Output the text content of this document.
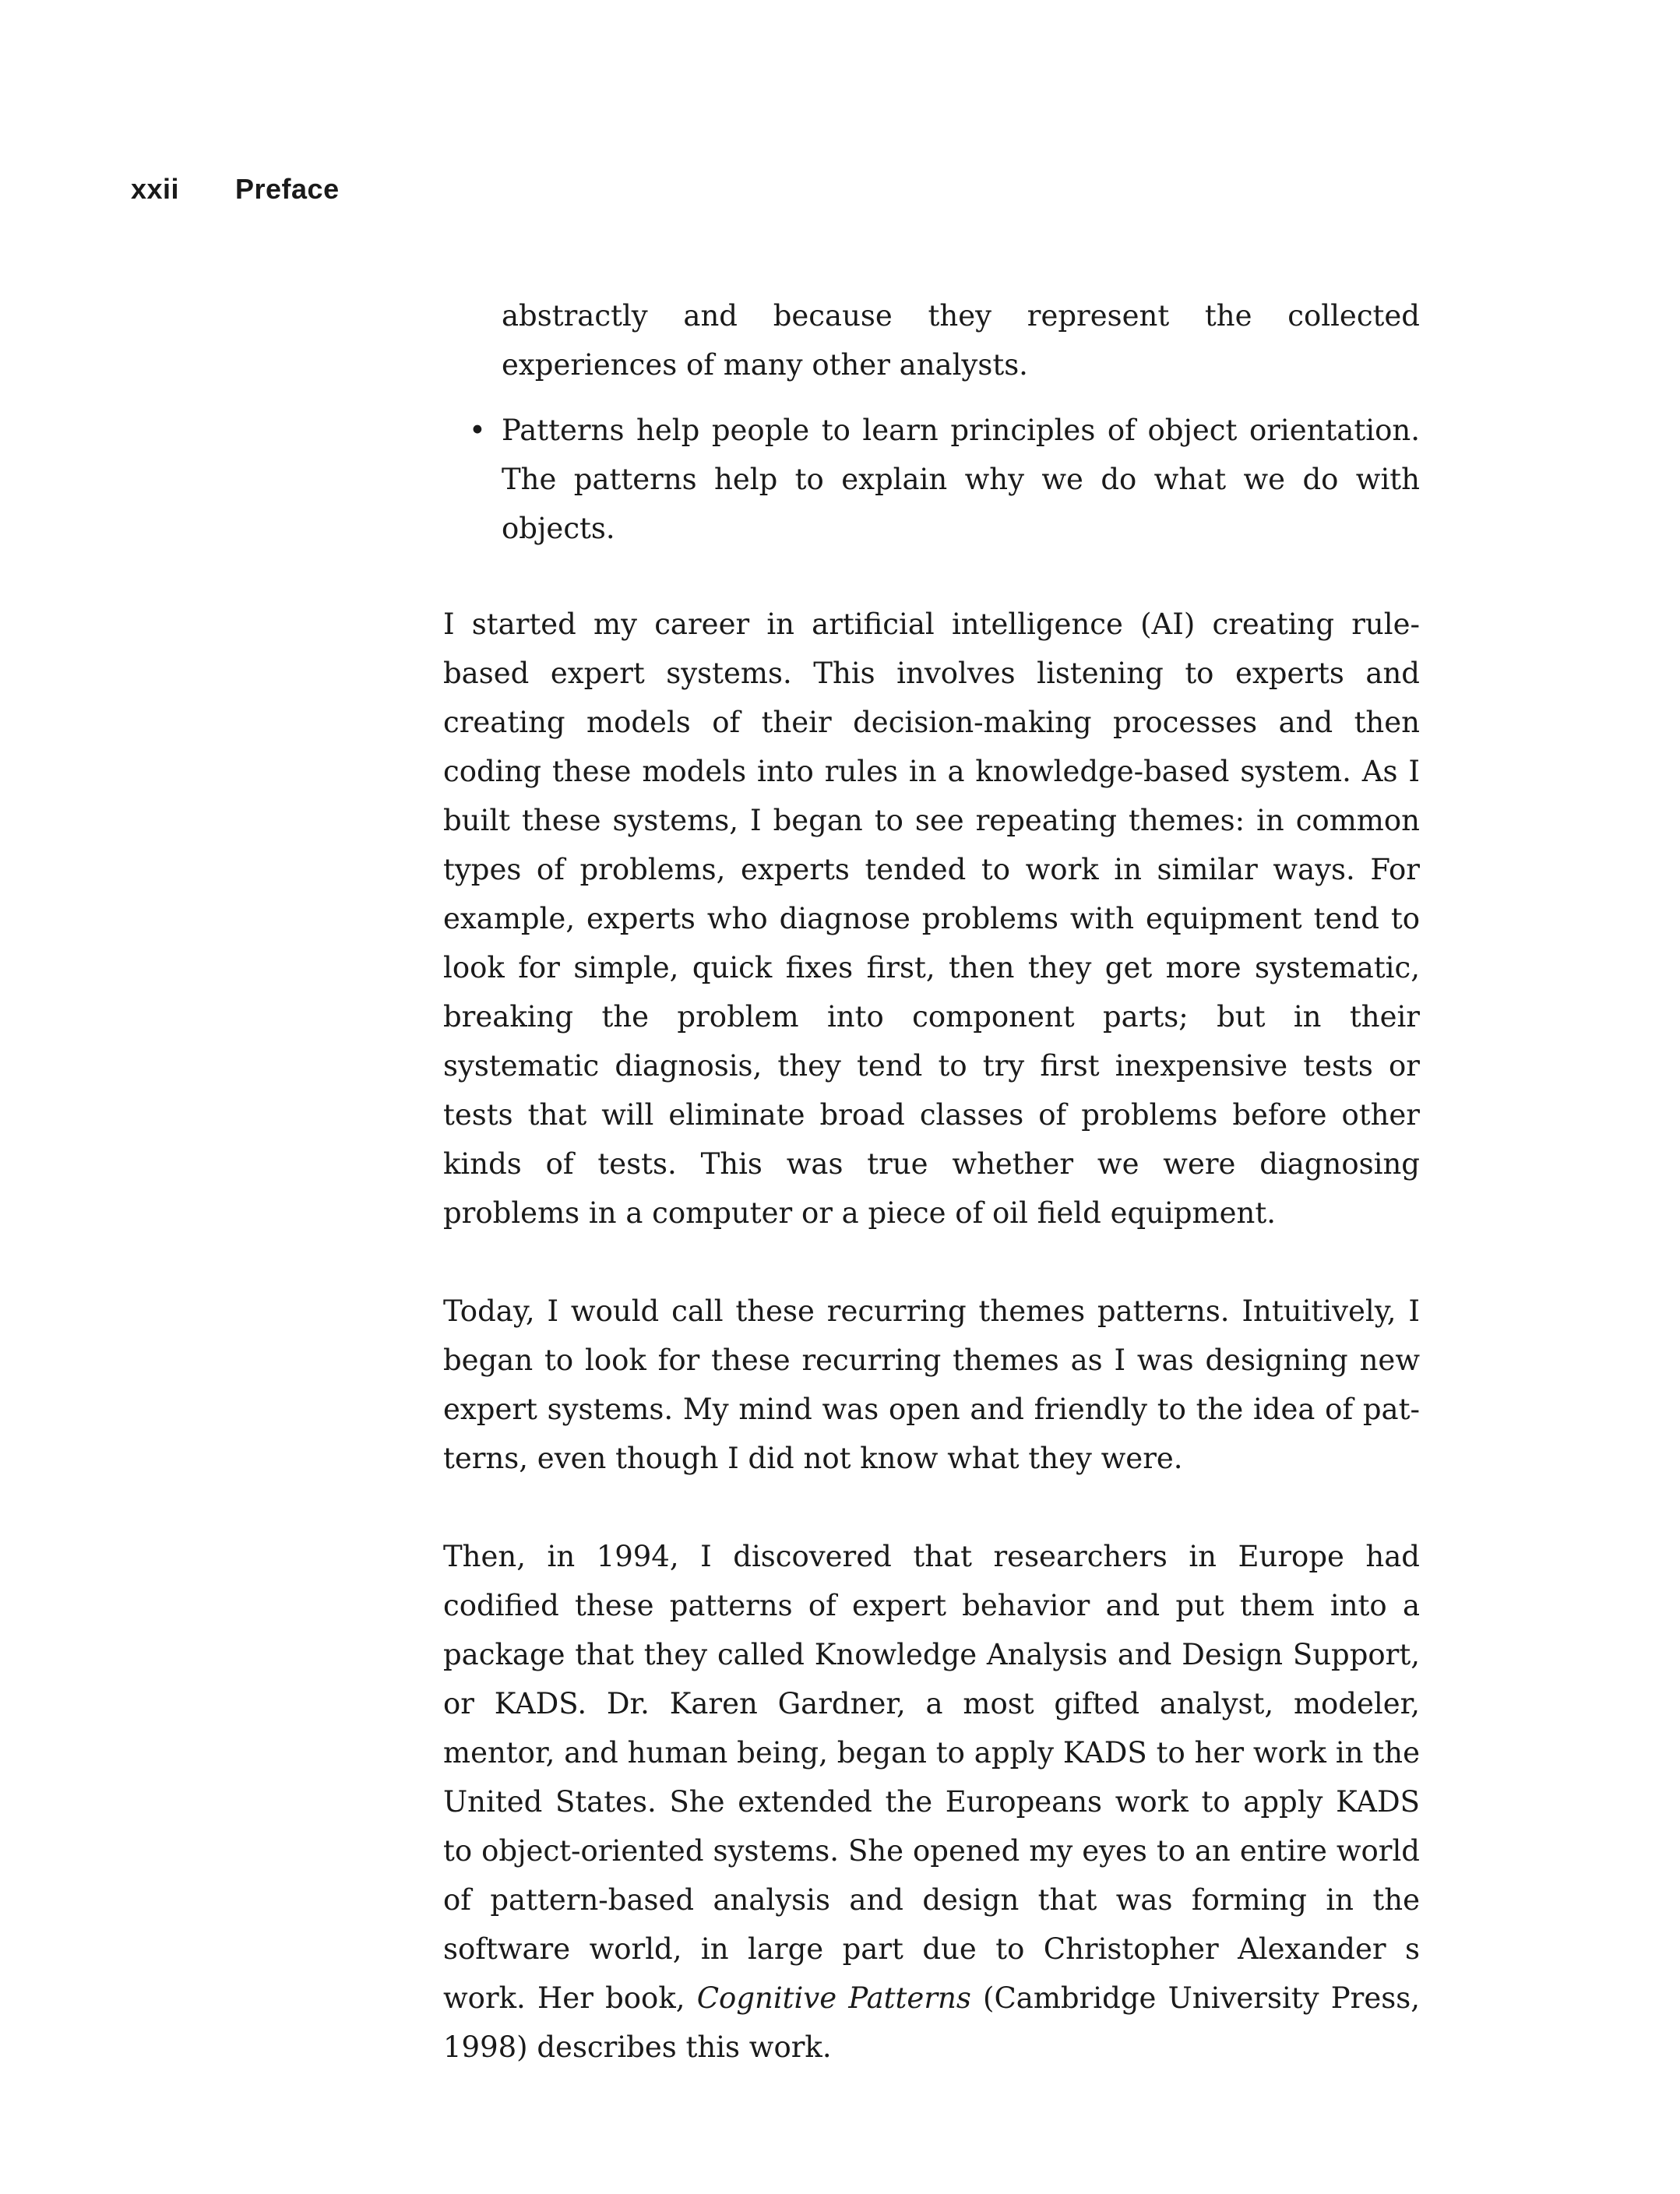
xxii Preface

abstractly and because they represent the collected experiences of many other analysts.

• Patterns help people to learn principles of object orientation. The patterns help to explain why we do what we do with objects.

I started my career in artificial intelligence (AI) creating rule-based expert systems. This involves listening to experts and creating models of their decision-making processes and then coding these models into rules in a knowledge-based system. As I built these systems, I began to see repeating themes: in common types of problems, experts tended to work in similar ways. For example, experts who diagnose problems with equipment tend to look for simple, quick fixes first, then they get more systematic, breaking the problem into component parts; but in their systematic diagnosis, they tend to try first inexpensive tests or tests that will eliminate broad classes of problems before other kinds of tests. This was true whether we were diagnosing problems in a computer or a piece of oil field equipment.

Today, I would call these recurring themes patterns. Intuitively, I began to look for these recurring themes as I was designing new expert systems. My mind was open and friendly to the idea of patterns, even though I did not know what they were.

Then, in 1994, I discovered that researchers in Europe had codified these patterns of expert behavior and put them into a package that they called Knowledge Analysis and Design Support, or KADS. Dr. Karen Gardner, a most gifted analyst, modeler, mentor, and human being, began to apply KADS to her work in the United States. She extended the Europeans work to apply KADS to object-oriented systems. She opened my eyes to an entire world of pattern-based analysis and design that was forming in the software world, in large part due to Christopher Alexander s work. Her book, Cognitive Patterns (Cambridge University Press, 1998) describes this work.
